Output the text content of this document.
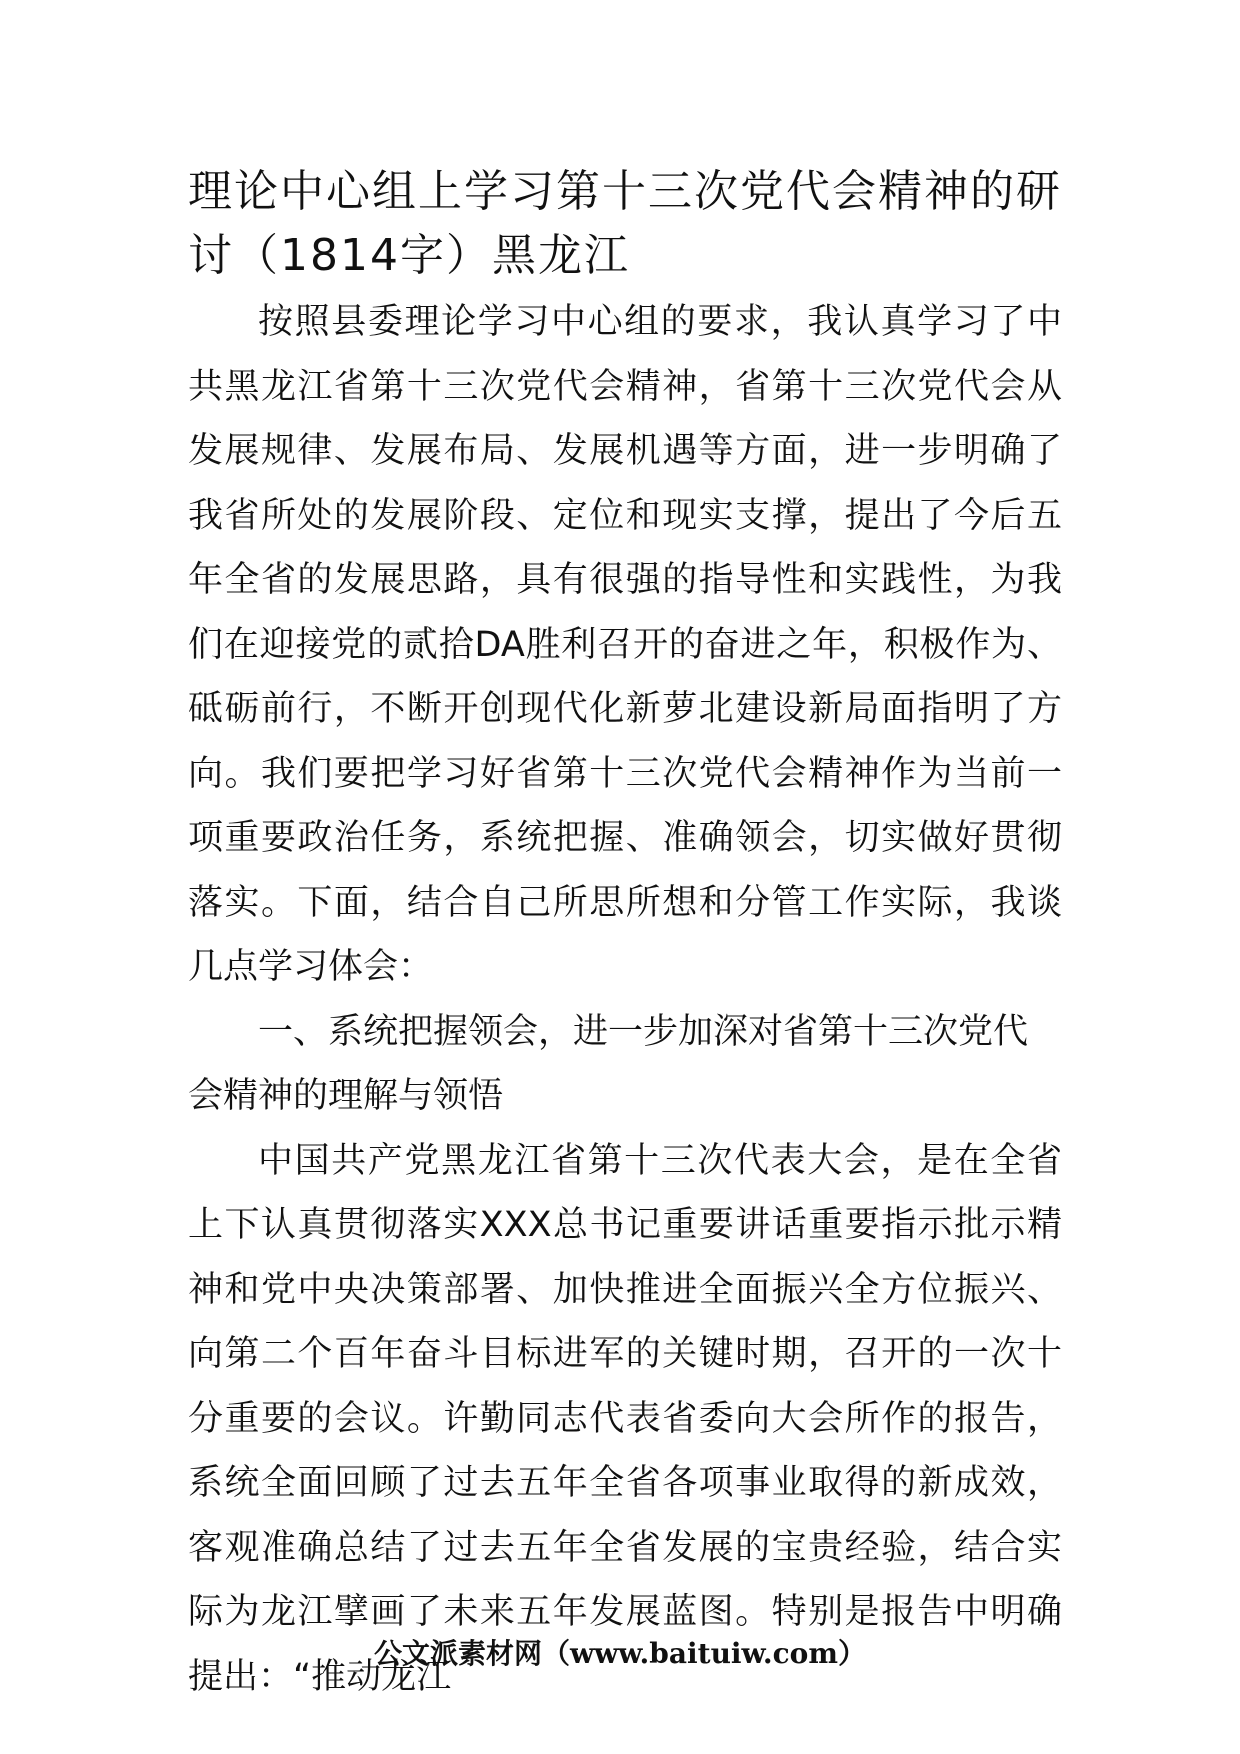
理论中心组上学习第十三次党代会精神的研讨（1814字）黑龙江

按照县委理论学习中心组的要求，我认真学习了中共黑龙江省第十三次党代会精神，省第十三次党代会从发展规律、发展布局、发展机遇等方面，进一步明确了我省所处的发展阶段、定位和现实支撑，提出了今后五年全省的发展思路，具有很强的指导性和实践性，为我们在迎接党的贰拾DA胜利召开的奋进之年，积极作为、砥砺前行，不断开创现代化新萝北建设新局面指明了方向。我们要把学习好省第十三次党代会精神作为当前一项重要政治任务，系统把握、准确领会，切实做好贯彻落实。下面，结合自己所思所想和分管工作实际，我谈几点学习体会：

一、系统把握领会，进一步加深对省第十三次党代会精神的理解与领悟

中国共产党黑龙江省第十三次代表大会，是在全省上下认真贯彻落实XXX总书记重要讲话重要指示批示精神和党中央决策部署、加快推进全面振兴全方位振兴、向第二个百年奋斗目标进军的关键时期，召开的一次十分重要的会议。许勤同志代表省委向大会所作的报告，系统全面回顾了过去五年全省各项事业取得的新成效，客观准确总结了过去五年全省发展的宝贵经验，结合实际为龙江擘画了未来五年发展蓝图。特别是报告中明确提出：“推动龙江

公文派素材网（www.baituiw.com）
